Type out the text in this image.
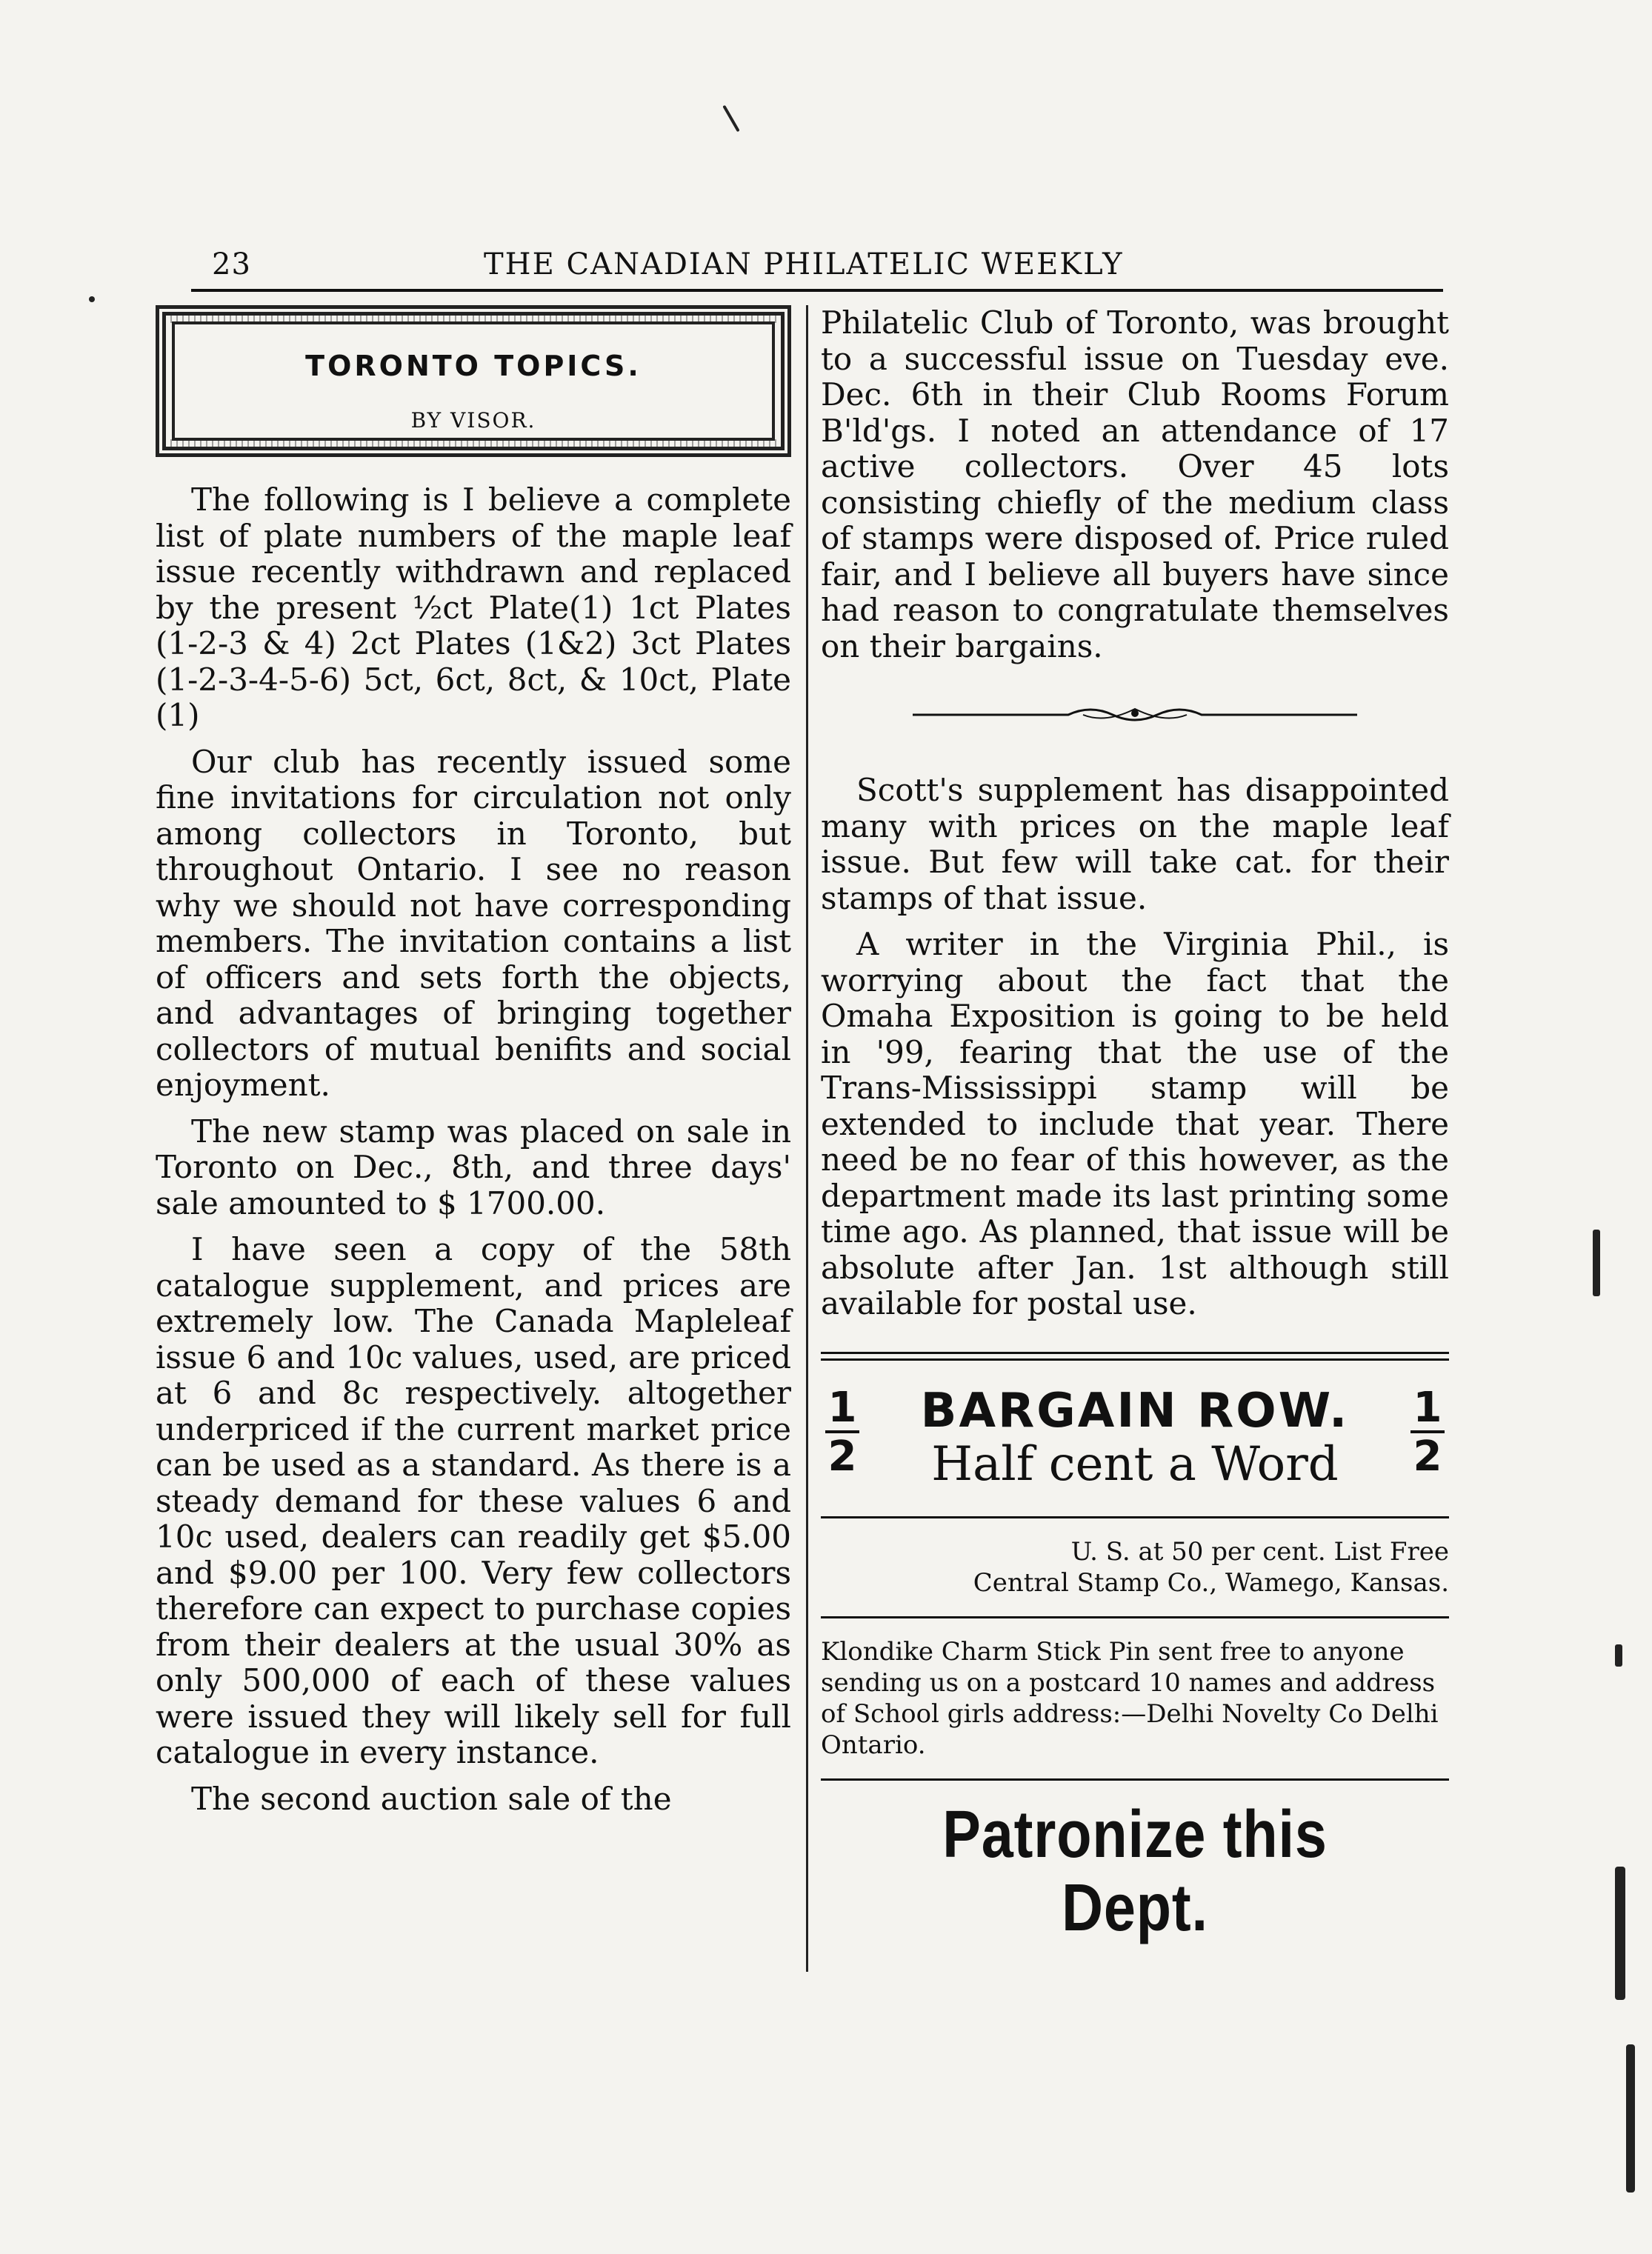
23	THE CANADIAN PHILATELIC WEEKLY
TORONTO TOPICS.
BY VISOR.

The following is I believe a complete list of plate numbers of the maple leaf issue recently withdrawn and replaced by the present ½ct Plate(1) 1ct Plates (1-2-3 & 4) 2ct Plates (1&2) 3ct Plates (1-2-3-4-5-6) 5ct, 6ct, 8ct, & 10ct, Plate (1)

Our club has recently issued some fine invitations for circulation not only among collectors in Toronto, but throughout Ontario. I see no reason why we should not have corresponding members. The invitation contains a list of officers and sets forth the objects, and advantages of bringing together collectors of mutual benifits and social enjoyment.

The new stamp was placed on sale in Toronto on Dec., 8th, and three days' sale amounted to $ 1700.00.

I have seen a copy of the 58th catalogue supplement, and prices are extremely low. The Canada Mapleleaf issue 6 and 10c values, used, are priced at 6 and 8c respectively. altogether underpriced if the current market price can be used as a standard. As there is a steady demand for these values 6 and 10c used, dealers can readily get $5.00 and $9.00 per 100. Very few collectors therefore can expect to purchase copies from their dealers at the usual 30% as only 500,000 of each of these values were issued they will likely sell for full catalogue in every instance.

The second auction sale of the

Philatelic Club of Toronto, was brought to a successful issue on Tuesday eve. Dec. 6th in their Club Rooms Forum B'ld'gs. I noted an attendance of 17 active collectors. Over 45 lots consisting chiefly of the medium class of stamps were disposed of. Price ruled fair, and I believe all buyers have since had reason to congratulate themselves on their bargains.

Scott's supplement has disappointed many with prices on the maple leaf issue. But few will take cat. for their stamps of that issue.

A writer in the Virginia Phil., is worrying about the fact that the Omaha Exposition is going to be held in '99, fearing that the use of the Trans-Mississippi stamp will be extended to include that year. There need be no fear of this however, as the department made its last printing some time ago. As planned, that issue will be absolute after Jan. 1st although still available for postal use.

$\frac{1}{2}$	BARGAIN ROW.
Half cent a Word	$\frac{1}{2}$
U. S. at 50 per cent. List Free
Central Stamp Co., Wamego, Kansas.
Klondike Charm Stick Pin sent free to anyone sending us on a postcard 10 names and address of School girls address:—Delhi Novelty Co Delhi Ontario.
Patronize this Dept.
